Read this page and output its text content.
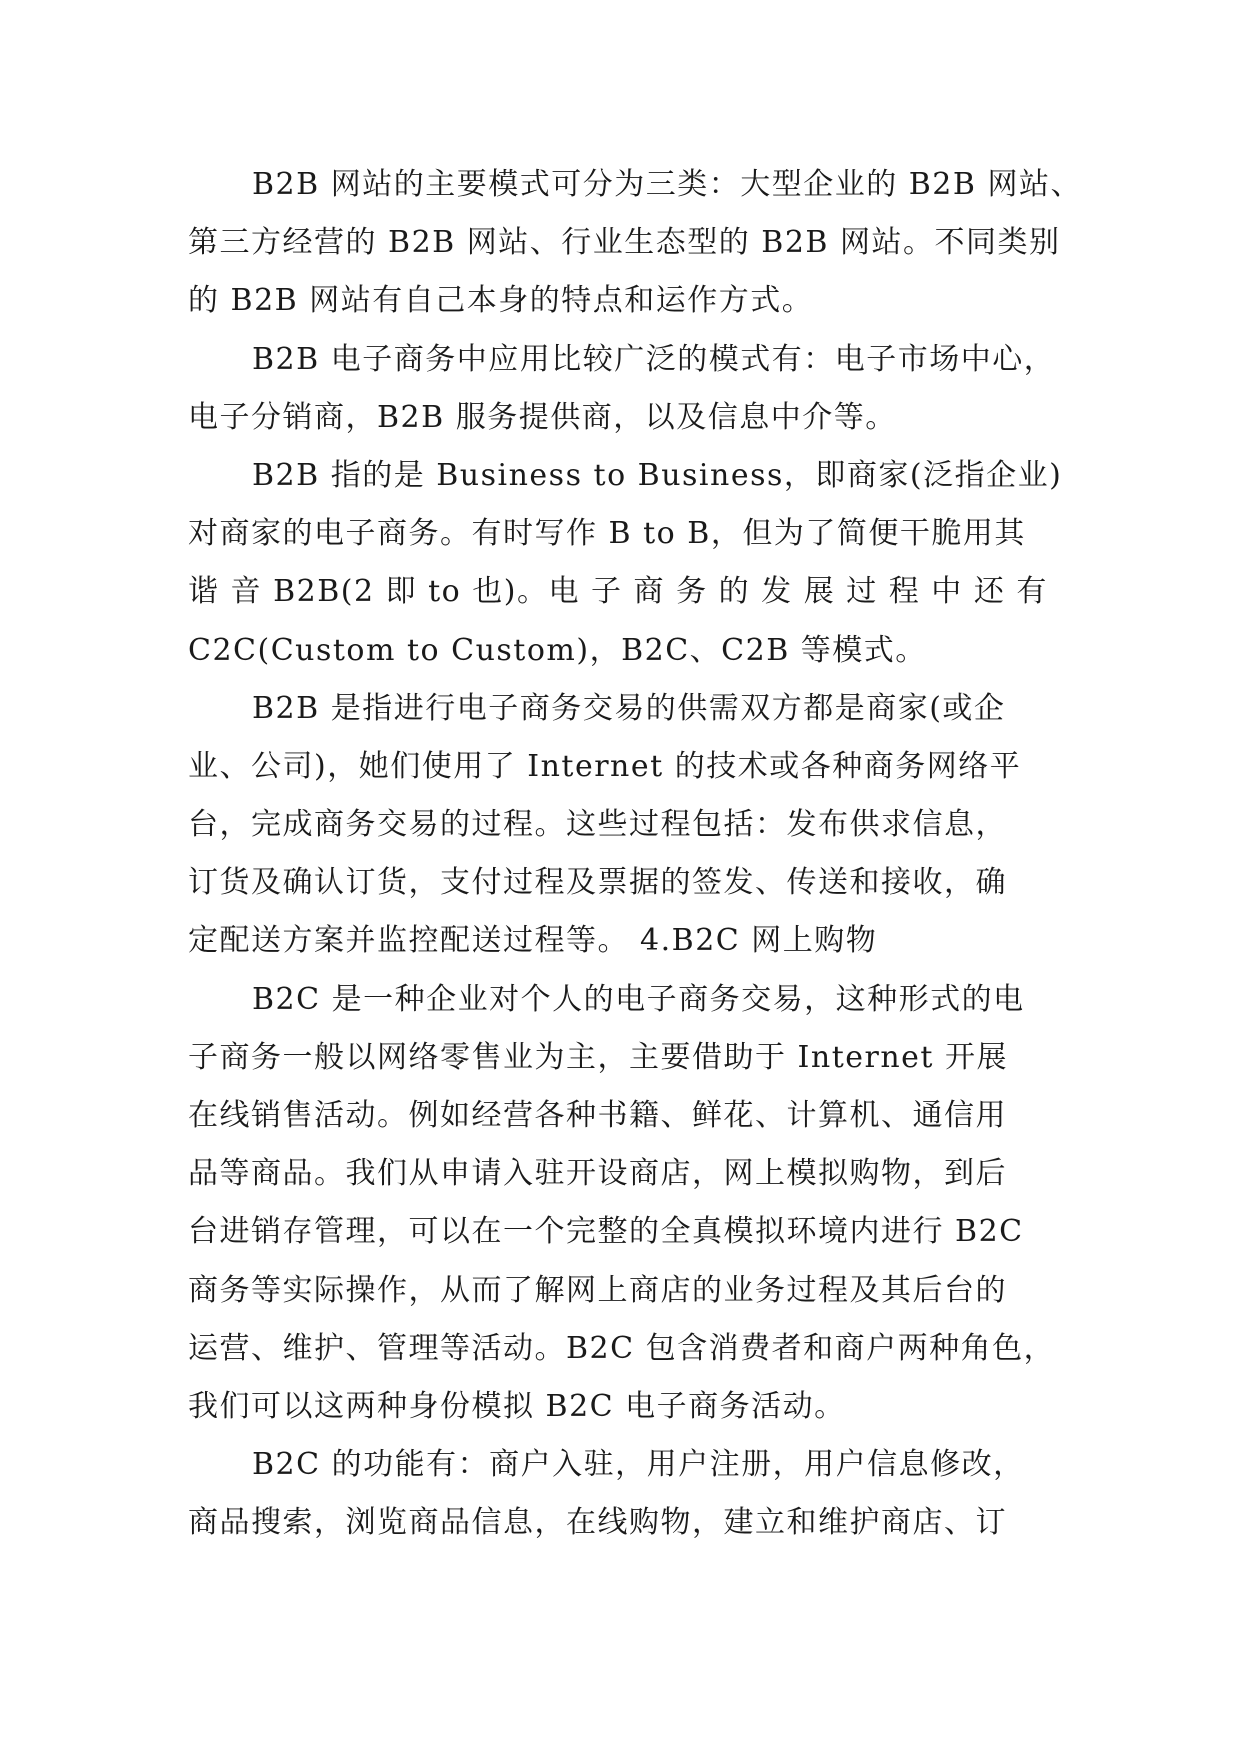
B2B 网站的主要模式可分为三类：大型企业的 B2B 网站、
第三方经营的 B2B 网站、行业生态型的 B2B 网站。不同类别
的 B2B 网站有自己本身的特点和运作方式。
B2B 电子商务中应用比较广泛的模式有：电子市场中心，
电子分销商，B2B 服务提供商，以及信息中介等。
B2B 指的是 Business to Business，即商家(泛指企业)
对商家的电子商务。有时写作 B to B，但为了简便干脆用其
谐 音 B2B(2 即 to 也)。电 子 商 务 的 发 展 过 程 中 还 有
C2C(Custom to Custom)，B2C、C2B 等模式。
B2B 是指进行电子商务交易的供需双方都是商家(或企
业、公司)，她们使用了 Internet 的技术或各种商务网络平
台，完成商务交易的过程。这些过程包括：发布供求信息，
订货及确认订货，支付过程及票据的签发、传送和接收，确
定配送方案并监控配送过程等。 4.B2C 网上购物
B2C 是一种企业对个人的电子商务交易，这种形式的电
子商务一般以网络零售业为主，主要借助于 Internet 开展
在线销售活动。例如经营各种书籍、鲜花、计算机、通信用
品等商品。我们从申请入驻开设商店，网上模拟购物，到后
台进销存管理，可以在一个完整的全真模拟环境内进行 B2C
商务等实际操作，从而了解网上商店的业务过程及其后台的
运营、维护、管理等活动。B2C 包含消费者和商户两种角色，
我们可以这两种身份模拟 B2C 电子商务活动。
B2C 的功能有：商户入驻，用户注册，用户信息修改，
商品搜索，浏览商品信息，在线购物，建立和维护商店、订
